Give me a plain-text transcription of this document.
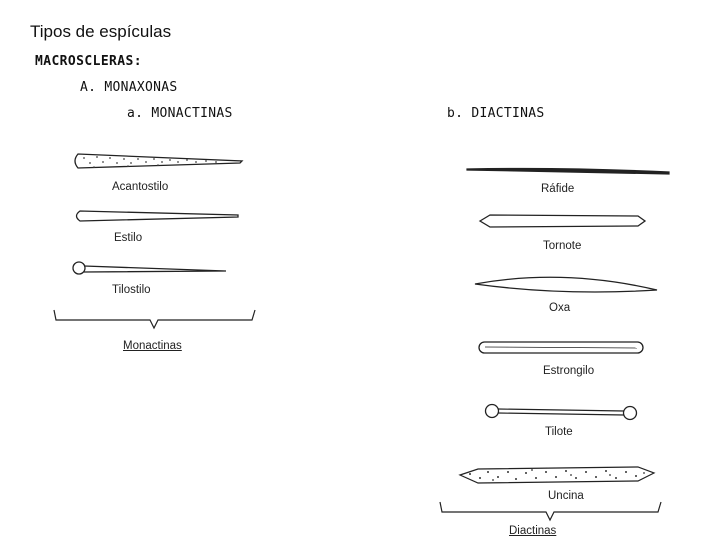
Tipos de espículas
MACROSCLERAS:
A. MONAXONAS
a. MONACTINAS	b. DIACTINAS
Acantostilo
Estilo
Tilostilo
Monactinas
Ráfide
Tornote
Oxa
Estrongilo
Tilote
Uncina
Diactinas
